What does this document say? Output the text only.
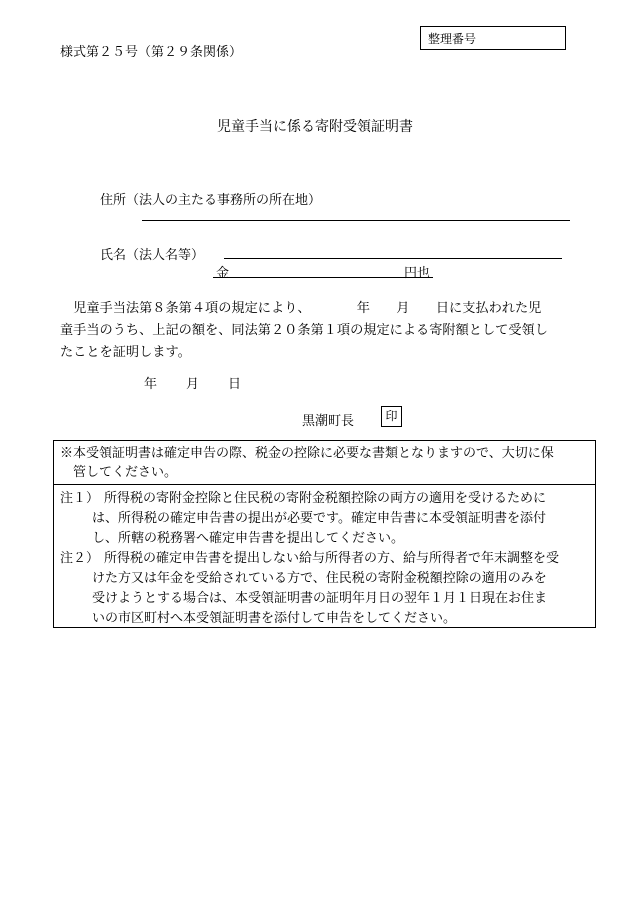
様式第２５号（第２９条関係）
整理番号
児童手当に係る寄附受領証明書
住所（法人の主たる事務所の所在地）
氏名（法人名等）
金	円也
　児童手当法第８条第４項の規定により、　　　　年　　月　　日に支払われた児
童手当のうち、上記の額を、同法第２０条第１項の規定による寄附額として受領し
たことを証明します。
年 月 日
黒潮町長	印
※本受領証明書は確定申告の際、税金の控除に必要な書類となりますので、大切に保
管してください。
注１） 所得税の寄附金控除と住民税の寄附金税額控除の両方の適用を受けるために
は、所得税の確定申告書の提出が必要です。確定申告書に本受領証明書を添付
し、所轄の税務署へ確定申告書を提出してください。
注２） 所得税の確定申告書を提出しない給与所得者の方、給与所得者で年末調整を受
けた方又は年金を受給されている方で、住民税の寄附金税額控除の適用のみを
受けようとする場合は、本受領証明書の証明年月日の翌年１月１日現在お住ま
いの市区町村へ本受領証明書を添付して申告をしてください。
